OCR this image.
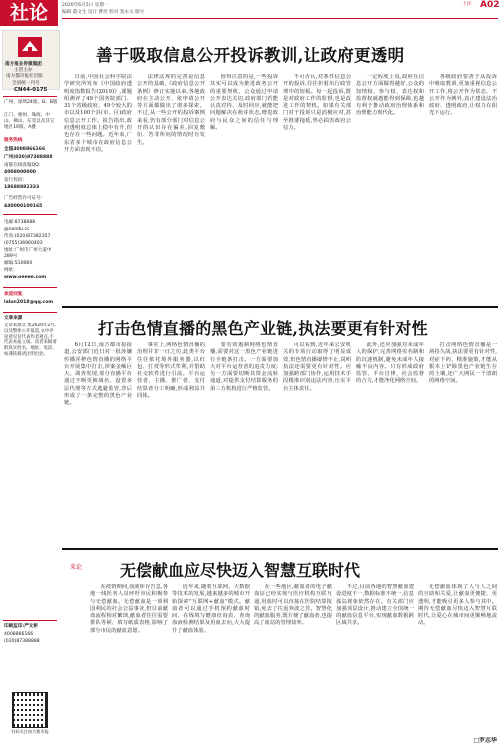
社论	2020年6月5日 星期一
编辑 董文生 设计 曹丝 校对 莫永文 版号
上评· A02
南方报业传媒集团
主管主办
南方都市报社出版
全国统一刊号
CN44-0175
广州、深圳24版、B、B版
江门、惠州、珠海、中山、佛山、东莞以及其它地区16版、A叠
服务热线
全国4008866166
广州(020)87388888
南都在线客服QQ:
4008000000
发行投诉:
18688882333
广告经营许可证号:
440000100165
电邮:8738888
@nandu.cc
传真:(020)87382357
(0755)36960403
地址:广州市广州大道中289号
邮编:510060
网址:
www.oeeee.com
欢迎回复
lalun2018@qq.com
文章来源
文章来源:汇集2020年2月,以及整体公开报道,文中评论意见仅代表作者观点,不代表本报立场。读者来稿请附真实姓名、地址、电话,如遇转载请注明出处。
印刷监印:严文彬
4008866166
(020)87388888
扫码关注南方都市报
善于吸取信息公开投诉教训,让政府更透明

日前,中国社会科学院法学研究所发布《中国政府透明度指数报告(2019)》,课题组测评了49个国务院部门、31个省级政府、49个较大的市以及100个县(市、区)政府信息公开工作。报告指出,政府透明度总体上稳中有升,但也存在一些问题。近年来,广东省多个城市在政府信息公开方面表现不俗。

法律法规的完善是信息公开的基础,《政府信息公开条例》修订实施以来,各地政府在主动公开、依申请公开等方面都做出了诸多探索。不过,从一些公开的投诉案例来看,仍有部分部门对信息公开的认识存在偏差,回复敷衍、答非所问的情况时有发生。

值得注意的是,一些投诉其实可以成为推进政务公开的重要契机。公众通过申请公开表达关切,政府部门若能认真对待、及时回应,就能把问题解决在萌芽状态,增进政府与民众之间的信任与理解。

不可否认,对条件信息公开的投诉,往往折射出行政管理中的短板。每一起投诉,既是对政府工作的监督,也是改进工作的契机。如果有关部门对于投诉只是消极应对,甚至推诿拖延,势必损害政府公信力。

一定程度上说,政府在信息公开方面做得越好,公众的知情权、参与权、表达权和监督权就越能得到保障,也越有利于推动政府治理体系和治理能力现代化。

各级政府要善于从投诉中吸取教训,更加重视信息公开工作,将公开作为常态、不公开作为例外,真正建设法治政府、透明政府,让权力在阳光下运行。

打击色情直播的黑色产业链,执法要更有针对性

6月12日,南方都市报报道,公安部门近日对一批涉嫌传播淫秽色情直播的网络平台开展集中打击,涉案金额巨大。调查发现,部分直播平台通过不断更换域名、设置多层代理等方式逃避监管,背后形成了一条完整的黑色产业链。

事实上,网络色情直播的治理并非一日之功,此类平台往往依托境外服务器,以红包、打赏等形式牟利,并借助社交软件进行引流。平台运营者、主播、推广者、支付结算者分工明确,形成利益共同体。

要有效遏制网络色情直播,需要对这一黑色产业链进行全链条打击。一方面要加大对平台运营者的追责力度;另一方面要切断其资金流转通道,对提供支付结算服务的第三方机构进行严格监管。

可以看到,近年来公安机关的专项行动取得了明显成效,但色情直播屡禁不止,说明执法还需要更有针对性。应加强跨部门协作,运用技术手段精准识别违法内容,压实平台主体责任。

此外,还应加强对未成年人的保护,完善网络实名制和防沉迷机制,避免未成年人接触不良内容。只有形成政府监管、平台自律、社会监督的合力,才能净化网络空间。

打击网络色情直播是一场持久战,执法要更有针对性,对症下药、精准施策,才能从根本上铲除黑色产业链生存的土壤,还广大网民一个清朗的网络空间。

来论 无偿献血应尽快迈入智慧互联时代

在疫情期间,血液库存告急,各地一线医务人员呼吁市民积极参与无偿献血。无偿献血是一项利国利民的社会公益事业,但目前献血流程相对繁琐,献血者往往需要排队等候、填写纸质表格,影响了部分市民的献血意愿。

近年来,随着互联网、大数据等技术的发展,越来越多的城市开始探索"互联网+献血"模式。献血者可以通过手机预约献血时间、在线填写健康征询表、查询血液检测结果及用血去向,大大提升了献血体验。

在一些地区,献血者的电子献血证已经实现与医疗机构互联互通,用血时可以直接在医院结算报销,免去了往返奔波之苦。智慧化的献血服务,既方便了献血者,也提高了血站的管理效率。

不过,目前各地的智慧献血建设进度不一,数据标准不统一,信息孤岛现象依然存在。有关部门应加强顶层设计,推动建立全国统一的献血信息平台,实现献血数据跨区域共享。

无偿献血体现了人与人之间的互助和关爱,让献血更便捷、更透明,才能吸引更多人参与其中。期待无偿献血尽快迈入智慧互联时代,让爱心在城市间更顺畅地流动。

□罗志华
